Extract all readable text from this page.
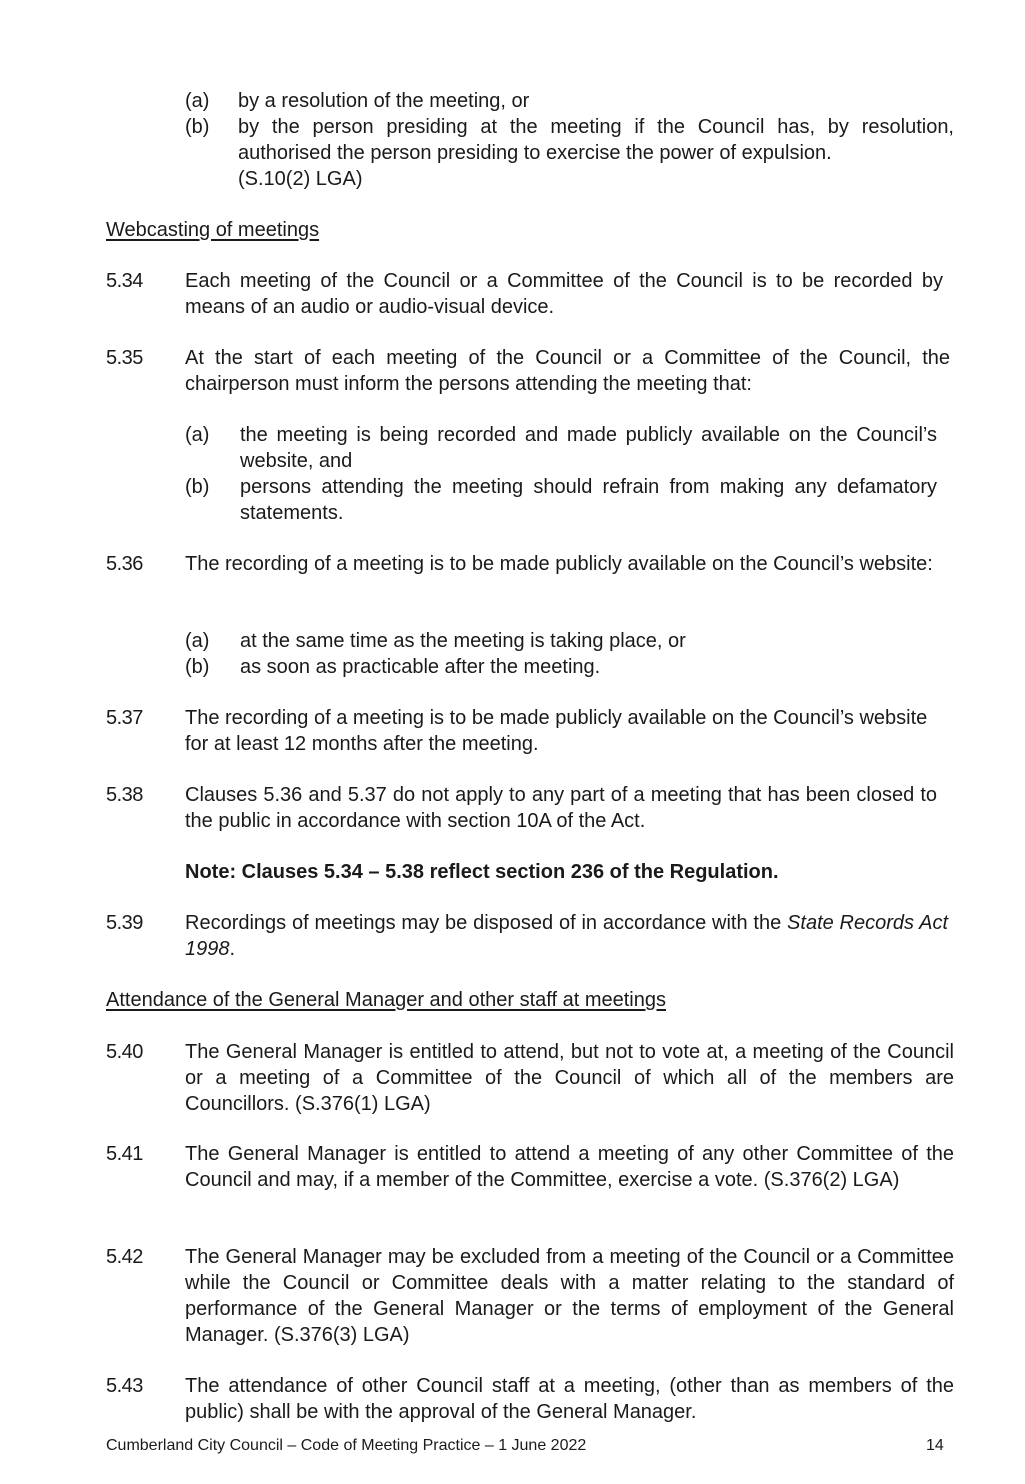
(a) by a resolution of the meeting, or
(b) by the person presiding at the meeting if the Council has, by resolution, authorised the person presiding to exercise the power of expulsion.
(S.10(2) LGA)
Webcasting of meetings
5.34 Each meeting of the Council or a Committee of the Council is to be recorded by means of an audio or audio-visual device.
5.35 At the start of each meeting of the Council or a Committee of the Council, the chairperson must inform the persons attending the meeting that:
(a) the meeting is being recorded and made publicly available on the Council’s website, and
(b) persons attending the meeting should refrain from making any defamatory statements.
5.36 The recording of a meeting is to be made publicly available on the Council’s website:
(a) at the same time as the meeting is taking place, or
(b) as soon as practicable after the meeting.
5.37 The recording of a meeting is to be made publicly available on the Council’s website for at least 12 months after the meeting.
5.38 Clauses 5.36 and 5.37 do not apply to any part of a meeting that has been closed to the public in accordance with section 10A of the Act.
Note: Clauses 5.34 – 5.38 reflect section 236 of the Regulation.
5.39 Recordings of meetings may be disposed of in accordance with the State Records Act 1998.
Attendance of the General Manager and other staff at meetings
5.40 The General Manager is entitled to attend, but not to vote at, a meeting of the Council or a meeting of a Committee of the Council of which all of the members are Councillors. (S.376(1) LGA)
5.41 The General Manager is entitled to attend a meeting of any other Committee of the Council and may, if a member of the Committee, exercise a vote. (S.376(2) LGA)
5.42 The General Manager may be excluded from a meeting of the Council or a Committee while the Council or Committee deals with a matter relating to the standard of performance of the General Manager or the terms of employment of the General Manager. (S.376(3) LGA)
5.43 The attendance of other Council staff at a meeting, (other than as members of the public) shall be with the approval of the General Manager.
Cumberland City Council – Code of Meeting Practice – 1 June 2022	14
